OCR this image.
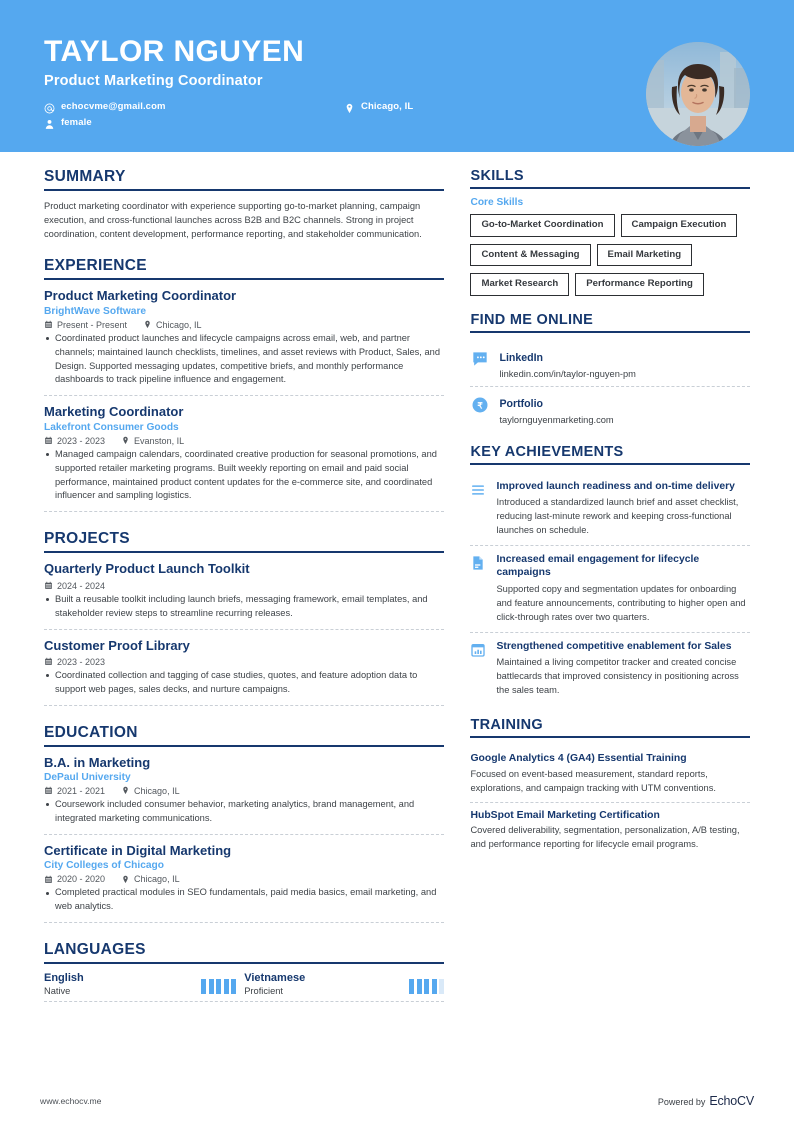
TAYLOR NGUYEN
Product Marketing Coordinator
echocvme@gmail.com	Chicago, IL
female
SUMMARY
Product marketing coordinator with experience supporting go-to-market planning, campaign execution, and cross-functional launches across B2B and B2C channels. Strong in project coordination, content development, performance reporting, and stakeholder communication.
EXPERIENCE
Product Marketing Coordinator
BrightWave Software
Present - Present	Chicago, IL
Coordinated product launches and lifecycle campaigns across email, web, and partner channels; maintained launch checklists, timelines, and asset reviews with Product, Sales, and Design. Supported messaging updates, competitive briefs, and monthly performance dashboards to track pipeline influence and engagement.
Marketing Coordinator
Lakefront Consumer Goods
2023 - 2023	Evanston, IL
Managed campaign calendars, coordinated creative production for seasonal promotions, and supported retailer marketing programs. Built weekly reporting on email and paid social performance, maintained product content updates for the e-commerce site, and coordinated influencer and sampling logistics.
PROJECTS
Quarterly Product Launch Toolkit
2024 - 2024
Built a reusable toolkit including launch briefs, messaging framework, email templates, and stakeholder review steps to streamline recurring releases.
Customer Proof Library
2023 - 2023
Coordinated collection and tagging of case studies, quotes, and feature adoption data to support web pages, sales decks, and nurture campaigns.
EDUCATION
B.A. in Marketing
DePaul University
2021 - 2021	Chicago, IL
Coursework included consumer behavior, marketing analytics, brand management, and integrated marketing communications.
Certificate in Digital Marketing
City Colleges of Chicago
2020 - 2020	Chicago, IL
Completed practical modules in SEO fundamentals, paid media basics, email marketing, and web analytics.
LANGUAGES
English
Native
Vietnamese
Proficient
SKILLS
Core Skills
Go-to-Market Coordination	Campaign Execution
Content & Messaging	Email Marketing
Market Research	Performance Reporting
FIND ME ONLINE
LinkedIn
linkedin.com/in/taylor-nguyen-pm
₹ Portfolio
taylornguyenmarketing.com
KEY ACHIEVEMENTS
Improved launch readiness and on-time delivery
Introduced a standardized launch brief and asset checklist, reducing last-minute rework and keeping cross-functional launches on schedule.
Increased email engagement for lifecycle campaigns
Supported copy and segmentation updates for onboarding and feature announcements, contributing to higher open and click-through rates over two quarters.
Strengthened competitive enablement for Sales
Maintained a living competitor tracker and created concise battlecards that improved consistency in positioning across the sales team.
TRAINING
Google Analytics 4 (GA4) Essential Training
Focused on event-based measurement, standard reports, explorations, and campaign tracking with UTM conventions.
HubSpot Email Marketing Certification
Covered deliverability, segmentation, personalization, A/B testing, and performance reporting for lifecycle email programs.
www.echocv.me	Powered by EchoCV
